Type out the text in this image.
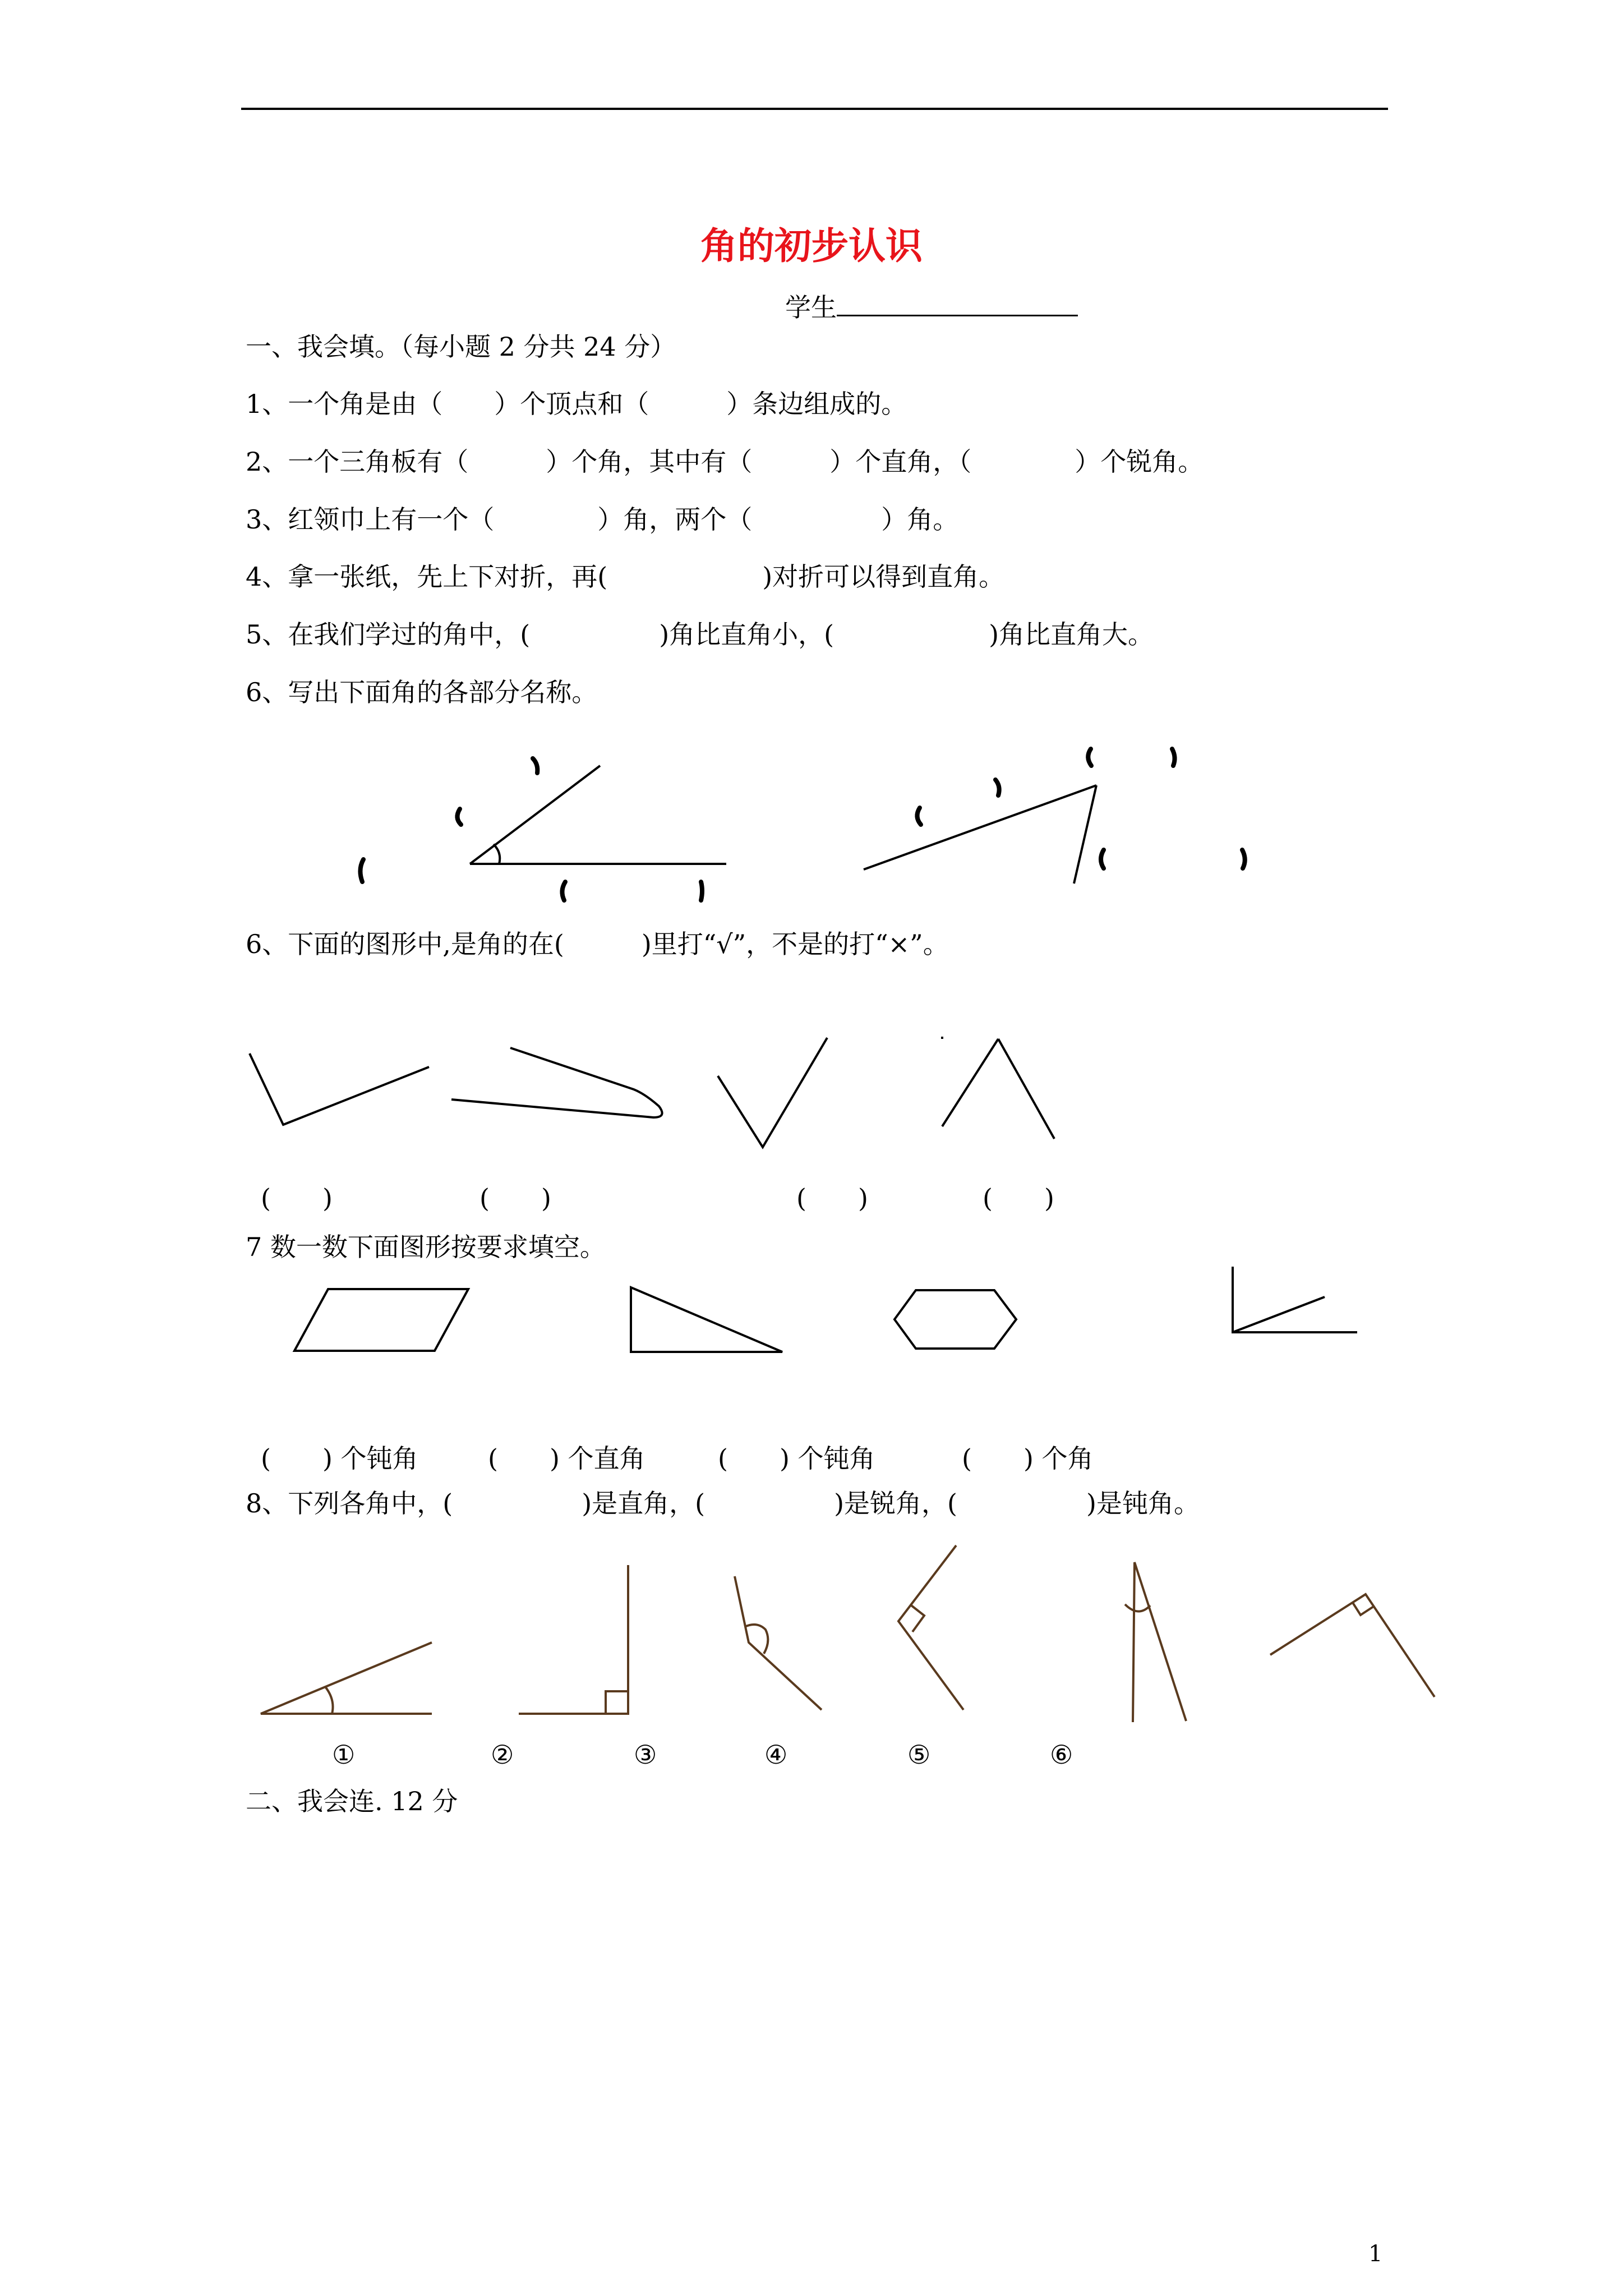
角的初步认识
学生
一、我会填。（每小题 2 分共 24 分）
1、一个角是由（　　）个顶点和（　　　）条边组成的。
2、一个三角板有（　　　）个角，其中有（　　　）个直角，（　　　　）个锐角。
3、红领巾上有一个（　　　　）角，两个（　　　　　）角。
4、拿一张纸，先上下对折，再(　　　　　　)对折可以得到直角。
5、在我们学过的角中，(　　　　　)角比直角小，(　　　　　　)角比直角大。
6、写出下面角的各部分名称。
6、下面的图形中,是角的在(　　　)里打“√”，不是的打“×”。
(　　)	(　　)	(　　)	(　　)
7 数一数下面图形按要求填空。
(　　) 个钝角	(　　) 个直角	(　　) 个钝角	(　　) 个角
8、下列各角中，(　　　　　)是直角，(　　　　　)是锐角，(　　　　　)是钝角。
①	②	③	④	⑤	⑥
二、我会连. 12 分
1
